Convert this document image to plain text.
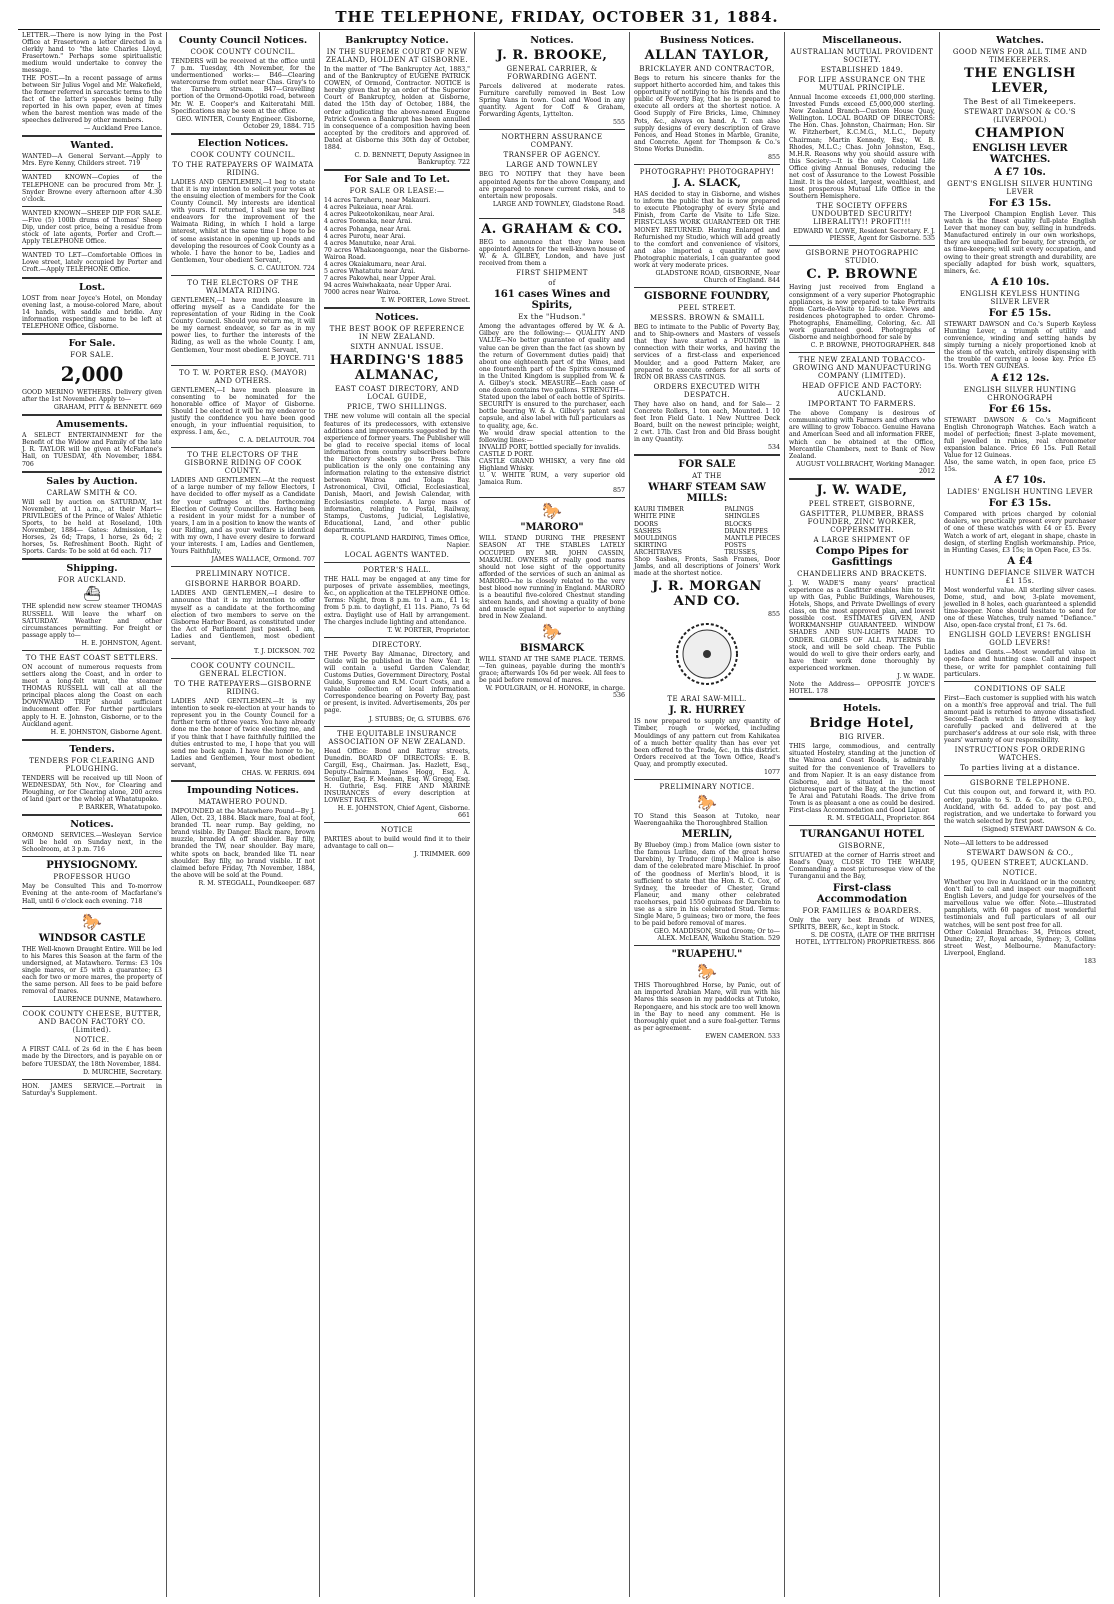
THE TELEPHONE, FRIDAY, OCTOBER 31, 1884.

LETTER.—There is now lying in the Post Office at Frasertown a letter directed in a clerkly hand to "the late Charles Lloyd, Frasertown." Perhaps some spiritualistic medium would undertake to convey the message.

THE POST.—In a recent passage of arms between Sir Julius Vogel and Mr. Wakefield, the former referred in sarcastic terms to the fact of the latter's speeches being fully reported in his own paper, even at times when the barest mention was made of the speeches delivered by other members.

— Auckland Free Lance.

Wanted.

WANTED—A General Servant.—Apply to Mrs. Eyre Kenny, Childers street. 719

WANTED KNOWN—Copies of the TELEPHONE can be procured from Mr. J. Snyder Browne every afternoon after 4.30 o'clock.

WANTED KNOWN—SHEEP DIP FOR SALE.—Five (5) 100lb drums of Thomas' Sheep Dip, under cost price, being a residue from stock of late agents, Porter and Croft.—Apply TELEPHONE Office.

WANTED TO LET—Comfortable Offices in Lowe street, lately occupied by Porter and Croft.—Apply TELEPHONE Office.

Lost.

LOST from near Joyce's Hotel, on Monday evening last, a mouse-colored Mare, about 14 hands, with saddle and bridle. Any information respecting same to be left at TELEPHONE Office, Gisborne.

For Sale.
FOR SALE.
2,000

GOOD MERINO WETHERS. Delivery given after the 1st November. Apply to—

GRAHAM, PITT & BENNETT. 669

Amusements.

A SELECT ENTERTAINMENT for the Benefit of the Widow and Family of the late J. R. TAYLOR will be given at McFarlane's Hall, on TUESDAY, 4th November, 1884. 706

Sales by Auction.
CARLAW SMITH & CO.

Will sell by auction on SATURDAY, 1st November, at 11 a.m., at their Mart— PRIVILEGES of the Prince of Wales' Athletic Sports, to be held at Roseland, 10th November, 1884— Gates: Admission, 1s; Horses, 2s 6d; Traps, 1 horse, 2s 6d; 2 horses, 5s. Refreshment Booth. Right of Sports. Cards: To be sold at 6d each. 717

Shipping.
FOR AUCKLAND.
⛴

THE splendid new screw steamer THOMAS RUSSELL Will leave the wharf on SATURDAY. Weather and other circumstances permitting. For freight or passage apply to—

H. E. JOHNSTON, Agent.

TO THE EAST COAST SETTLERS.

ON account of numerous requests from settlers along the Coast, and in order to meet a long-felt want, the steamer THOMAS RUSSELL will call at all the principal places along the Coast on each DOWNWARD TRIP, should sufficient inducement offer. For further particulars apply to H. E. Johnston, Gisborne, or to the Auckland agent.

H. E. JOHNSTON, Gisborne Agent.

Tenders.
TENDERS FOR CLEARING AND PLOUGHING.

TENDERS will be received up till Noon of WEDNESDAY, 5th Nov., for Clearing and Ploughing, or for Clearing alone, 200 acres of land (part or the whole) at Whatatupoko.

P. BARKER, Whatatupoko.

Notices.

ORMOND SERVICES.—Wesleyan Service will be held on Sunday next, in the Schoolroom, at 3 p.m. 716

PHYSIOGNOMY.
PROFESSOR HUGO

May be Consulted This and To-morrow Evening at the ante-room of Macfarlane's Hall, until 6 o'clock each evening. 718

🐎
WINDSOR CASTLE

THE Well-known Draught Entire. Will be led to his Mares this Season at the farm of the undersigned, at Matawhero. Terms: £3 10s single mares, or £5 with a guarantee; £3 each for two or more mares, the property of the same person. All fees to be paid before removal of mares.

LAURENCE DUNNE, Matawhero.

COOK COUNTY CHEESE, BUTTER, AND BACON FACTORY CO. (Limited).
NOTICE.

A FIRST CALL of 2s 6d in the £ has been made by the Directors, and is payable on or before TUESDAY, the 18th November, 1884.

D. MURCHIE, Secretary.

HON. JAMES SERVICE.—Portrait in Saturday's Supplement.

County Council Notices.
COOK COUNTY COUNCIL.

TENDERS will be received at the office until 7 p.m. Tuesday, 4th November, for the undermentioned works:— B46—Clearing watercourse from outlet near Chas. Gray's to the Taruheru stream. B47—Gravelling portion of the Ormond-Opotiki road, between Mr. W. E. Cooper's and Kaiteratahi Mill. Specifications may be seen at the office.

GEO. WINTER, County Engineer. Gisborne, October 29, 1884. 715

Election Notices.
COOK COUNTY COUNCIL.
TO THE RATEPAYERS OF WAIMATA RIDING.

LADIES AND GENTLEMEN,—I beg to state that it is my intention to solicit your votes at the ensuing election of members for the Cook County Council. My interests are identical with yours. If returned, I shall use my best endeavors for the improvement of the Waimata Riding, in which I hold a large interest, whilst at the same time I hope to be of some assistance in opening up roads and developing the resources of Cook County as a whole. I have the honor to be, Ladies and Gentlemen, Your obedient Servant,

S. C. CAULTON. 724

TO THE ELECTORS OF THE WAIMATA RIDING.

GENTLEMEN,—I have much pleasure in offering myself as a Candidate for the representation of your Riding in the Cook County Council. Should you return me, it will be my earnest endeavor, so far as in my power lies, to further the interests of the Riding, as well as the whole County. I am, Gentlemen, Your most obedient Servant,

E. P. JOYCE. 711

TO T. W. PORTER ESQ. (MAYOR) AND OTHERS.

GENTLEMEN,—I have much pleasure in consenting to be nominated for the honorable office of Mayor of Gisborne. Should I be elected it will be my endeavor to justify the confidence you have been good enough, in your influential requisition, to express. I am, &c.,

C. A. DELAUTOUR. 704

TO THE ELECTORS OF THE GISBORNE RIDING OF COOK COUNTY.

LADIES AND GENTLEMEN.—At the request of a large number of my fellow Electors, I have decided to offer myself as a Candidate for your suffrages at the forthcoming Election of County Councillors. Having been a resident in your midst for a number of years, I am in a position to know the wants of our Riding, and as your welfare is identical with my own, I have every desire to forward your interests. I am, Ladies and Gentlemen, Yours Faithfully,

JAMES WALLACE, Ormond. 707

PRELIMINARY NOTICE.
GISBORNE HARBOR BOARD.

LADIES AND GENTLEMEN,—I desire to announce that it is my intention to offer myself as a candidate at the forthcoming election of two members to serve on the Gisborne Harbor Board, as constituted under the Act of Parliament just passed. I am, Ladies and Gentlemen, most obedient servant,

T. J. DICKSON. 702

COOK COUNTY COUNCIL. GENERAL ELECTION.
TO THE RATEPAYERS—GISBORNE RIDING.

LADIES AND GENTLEMEN.—It is my intention to seek re-election at your hands to represent you in the County Council for a further term of three years. You have already done me the honor of twice electing me, and if you think that I have faithfully fulfilled the duties entrusted to me, I hope that you will send me back again. I have the honor to be, Ladies and Gentlemen, Your most obedient servant,

CHAS. W. FERRIS. 694

Impounding Notices.
MATAWHERO POUND.

IMPOUNDED at the Matawhero Pound—By J. Allen, Oct. 23, 1884. Black mare, foal at foot, branded TL near rump. Bay gelding, no brand visible. By Danger. Black mare, brown muzzle, branded A off shoulder. Bay filly, branded the TW, near shoulder. Bay mare, white spots on back, branded like TL near shoulder. Bay filly, no brand visible. If not claimed before Friday, 7th November, 1884, the above will be sold at the Pound.

R. M. STEGGALL, Poundkeeper. 687

Bankruptcy Notice.
IN THE SUPREME COURT OF NEW ZEALAND, HOLDEN AT GISBORNE.

In the matter of "The Bankruptcy Act, 1883," and of the Bankruptcy of EUGENE PATRICK COWEN, of Ormond, Contractor. NOTICE is hereby given that by an order of the Superior Court of Bankruptcy, holden at Gisborne, dated the 15th day of October, 1884, the order adjudicating the above-named Eugene Patrick Cowen a Bankrupt has been annulled in consequence of a composition having been accepted by the creditors and approved of. Dated at Gisborne this 30th day of October, 1884.

C. D. BENNETT, Deputy Assignee in Bankruptcy. 722

For Sale and To Let.
FOR SALE OR LEASE:—

14 acres Taruheru, near Makauri.

4 acres Pukeiaua, near Arai.

4 acres Pukeotokonikau, near Arai.

4 acres Toomaka, near Arai.

4 acres Pohanga, near Arai.

4 acres Purotu, near Arai.

4 acres Manutuke, near Arai.

70 acres Whakaongaonga, near the Gisborne-Wairoa Road.

4 acres Okaiakumaru, near Arai.

5 acres Whatatutu near Arai.

7 acres Pakowhai, near Upper Arai.

94 acres Waiwhakaata, near Upper Arai.

7000 acres near Wairoa.

T. W. PORTER, Lowe Street.

Notices.
THE BEST BOOK OF REFERENCE IN NEW ZEALAND.
SIXTH ANNUAL ISSUE.
HARDING'S 1885 ALMANAC,
EAST COAST DIRECTORY, AND LOCAL GUIDE,
PRICE, TWO SHILLINGS.

THE new volume will contain all the special features of its predecessors, with extensive additions and improvements suggested by the experience of former years. The Publisher will be glad to receive special items of local information from country subscribers before the Directory sheets go to Press. This publication is the only one containing any information relating to the extensive district between Wairoa and Tolaga Bay. Astronomical, Civil, Official, Ecclesiastical, Danish, Maori, and Jewish Calendar, with Ecclesiastics complete. A large mass of information, relating to Postal, Railway, Stamps, Customs, Judicial, Legislative, Educational, Land, and other public departments.

R. COUPLAND HARDING, Times Office, Napier.

LOCAL AGENTS WANTED.
PORTER'S HALL.

THE HALL may be engaged at any time for purposes of private assemblies, meetings, &c., on application at the TELEPHONE Office. Terms: Night, from 8 p.m. to 1 a.m., £1 1s; from 5 p.m. to daylight, £1 11s. Piano, 7s 6d extra. Daylight use of Hall by arrangement. The charges include lighting and attendance.

T. W. PORTER, Proprietor.

DIRECTORY.

THE Poverty Bay Almanac, Directory, and Guide will be published in the New Year. It will contain a useful Garden Calendar, Customs Duties, Government Directory, Postal Guide, Supreme and R.M. Court Costs, and a valuable collection of local information. Correspondence bearing on Poverty Bay, past or present, is invited. Advertisements, 20s per page.

J. STUBBS; Or, G. STUBBS. 676

THE EQUITABLE INSURANCE ASSOCIATION OF NEW ZEALAND.

Head Office: Bond and Rattray streets, Dunedin. BOARD OF DIRECTORS: E. B. Cargill, Esq., Chairman. Jas. Hazlett, Esq., Deputy-Chairman. James Hogg, Esq. A. Scoullar, Esq. F. Meenan, Esq. W. Gregg, Esq. H. Guthrie, Esq. FIRE AND MARINE INSURANCES of every description at LOWEST RATES.

H. E. JOHNSTON, Chief Agent, Gisborne. 661

NOTICE

PARTIES about to build would find it to their advantage to call on—

J. TRIMMER. 609

Notices.
J. R. BROOKE,
GENERAL CARRIER, & FORWARDING AGENT.

Parcels delivered at moderate rates. Furniture carefully removed in Best Low Spring Vans in town. Coal and Wood in any quantity. Agent for Coff & Graham, Forwarding Agents, Lyttelton.

555

NORTHERN ASSURANCE COMPANY.
TRANSFER OF AGENCY.
LARGE AND TOWNLEY

BEG TO NOTIFY that they have been appointed Agents for the above Company, and are prepared to renew current risks, and to entertain new proposals.

LARGE AND TOWNLEY, Gladstone Road. 548

A. GRAHAM & CO.

BEG to announce that they have been appointed Agents for the well-known house of W. & A. GILBEY, London, and have just received from them a

FIRST SHIPMENT
of
161 cases Wines and Spirits,
Ex the "Hudson."

Among the advantages offered by W. & A. Gilbey are the following:— QUALITY AND VALUE—No better guarantee of quality and value can be given than the fact (as shown by the return of Government duties paid) that about one eighteenth part of the Wines, and one fourteenth part of the Spirits consumed in the United Kingdom is supplied from W. & A. Gilbey's stock. MEASURE—Each case of one dozen contains two gallons. STRENGTH—Stated upon the label of each bottle of Spirits. SECURITY is ensured to the purchaser, each bottle bearing W. & A. Gilbey's patent seal capsule, and also label with full particulars as to quality, age, &c.

We would draw special attention to the following lines:—

INVALID PORT, bottled specially for invalids.

CASTLE D PORT.

CASTLE GRAND WHISKY, a very fine old Highland Whisky.

U. V. WHITE RUM, a very superior old Jamaica Rum.

857

🐎
"MARORO"

WILL STAND DURING THE PRESENT SEASON AT THE STABLES LATELY OCCUPIED BY MR. JOHN CASSIN, MAKAURI. OWNERS of really good mares should not lose sight of the opportunity afforded of the services of such an animal as MARORO—he is closely related to the very best blood now running in England. MARORO is a beautiful five-colored Chestnut standing sixteen hands, and showing a quality of bone and muscle equal if not superior to anything bred in New Zealand.

🐎
BISMARCK

WILL STAND AT THE SAME PLACE. TERMS.—Ten guineas, payable during the month's grace; afterwards 10s 6d per week. All fees to be paid before removal of mares.

W. FOULGRAIN, or H. HONORE, in charge. 536

Business Notices.
ALLAN TAYLOR,
BRICKLAYER AND CONTRACTOR,

Begs to return his sincere thanks for the support hitherto accorded him, and takes this opportunity of notifying to his friends and the public of Poverty Bay, that he is prepared to execute all orders at the shortest notice. A Good Supply of Fire Bricks, Lime, Chimney Pots, &c., always on hand. A. T. can also supply designs of every description of Grave Fences, and Head Stones in Marble, Granite, and Concrete. Agent for Thompson & Co.'s Stone Works Dunedin.

855

PHOTOGRAPHY! PHOTOGRAPHY!
J. A. SLACK,

HAS decided to stay in Gisborne, and wishes to inform the public that he is now prepared to execute Photography of every Style and Finish, from Carte de Visite to Life Size. FIRST-CLASS WORK GUARANTEED OR THE MONEY RETURNED. Having Enlarged and Refurnished my Studio, which will add greatly to the comfort and convenience of visitors, and also imported a quantity of new Photographic materials, I can guarantee good work at very moderate prices.

GLADSTONE ROAD, GISBORNE, Near Church of England. 844

GISBORNE FOUNDRY,
PEEL STREET.
MESSRS. BROWN & SMAILL

BEG to intimate to the Public of Poverty Bay, and to Ship-owners and Masters of vessels that they have started a FOUNDRY in connection with their works, and having the services of a first-class and experienced Moulder, and a good Pattern Maker, are prepared to execute orders for all sorts of IRON OR BRASS CASTINGS.

ORDERS EXECUTED WITH DESPATCH.

They have also on hand, and for Sale— 2 Concrete Rollers, 1 ton each, Mounted. 1 10 feet Iron Field Gate. 1 New Nuttree Deck Board, built on the newest principle; weight, 2 cwt. 17lb. Cast Iron and Old Brass bought in any Quantity.

534

FOR SALE
AT THE
WHARF STEAM SAW MILLS:

KAURI TIMBER

WHITE PINE

DOORS

SASHES

MOULDINGS

SKIRTING

ARCHITRAVES

PALINGS

SHINGLES

BLOCKS

DRAIN PIPES

MANTLE PIECES

POSTS

TRUSSES,

Shop Sashes, Fronts, Sash Frames, Door Jambs, and all descriptions of Joiners' Work made at the shortest notice.

J. R. MORGAN AND CO.

855

TE ARAI SAW-MILL.
J. R. HURREY

IS now prepared to supply any quantity of Timber, rough or worked, including Mouldings of any pattern cut from Kahikatea of a much better quality than has ever yet been offered to the Trade, &c., in this district. Orders received at the Town Office, Read's Quay, and promptly executed.

1077

PRELIMINARY NOTICE.
🐎

TO Stand this Season at Tutoko, near Waerengaahika the Thoroughbred Stallion

MERLIN,

By Blueboy (imp.) from Malice (own sister to the famous Lurline, dam of the great horse Darebin), by Traducer (imp.) Malice is also dam of the celebrated mare Mischief. In proof of the goodness of Merlin's blood, it is sufficient to state that the Hon. R. C. Cox, of Sydney, the breeder of Chester, Grand Flaneur, and many other celebrated racehorses, paid 1550 guineas for Darebin to use as a sire in his celebrated Stud. Terms: Single Mare, 5 guineas; two or more, the fees to be paid before removal of mares.

GEO. MADDISON, Stud Groom; Or to— ALEX. McLEAN, Waikohu Station. 529

"RUAPEHU."
🐎

THIS Thoroughbred Horse, by Panic, out of an imported Arabian Mare, will run with his Mares this season in my paddocks at Tutoko, Repongaere, and his stock are too well known in the Bay to need any comment. He is thoroughly quiet and a sure foal-getter. Terms as per agreement.

EWEN CAMERON. 533

Miscellaneous.
AUSTRALIAN MUTUAL PROVIDENT SOCIETY.
ESTABLISHED 1849.
FOR LIFE ASSURANCE ON THE MUTUAL PRINCIPLE.

Annual Income exceeds £1,000,000 sterling. Invested Funds exceed £5,000,000 sterling. New Zealand Branch—Custom House Quay, Wellington. LOCAL BOARD OF DIRECTORS: The Hon. Chas. Johnston, Chairman; Hon. Sir W. Fitzherbert, K.C.M.G., M.L.C., Deputy Chairman; Martin Kennedy, Esq.; W. B. Rhodes, M.L.C.; Chas. John Johnston, Esq., M.H.R. Reasons why you should assure with this Society:—It is the only Colonial Life Office giving Annual Bonuses, reducing the net cost of Assurance to the Lowest Possible Limit. It is the oldest, largest, wealthiest, and most prosperous Mutual Life Office in the Southern Hemisphere.

THE SOCIETY OFFERS UNDOUBTED SECURITY! LIBERALITY!! PROFIT!!!

EDWARD W. LOWE, Resident Secretary. F. J. PIESSE, Agent for Gisborne. 535

GISBORNE PHOTOGRAPHIC STUDIO.
C. P. BROWNE

Having just received from England a consignment of a very superior Photographic appliances, is now prepared to take Portraits from Carte-de-Visite to Life-size. Views and residences photographed to order. Chromo-Photographs, Enamelling, Coloring, &c. All work guaranteed good. Photographs of Gisborne and neighborhood for sale by

C. P. BROWNE, PHOTOGRAPHER. 848

THE NEW ZEALAND TOBACCO-GROWING AND MANUFACTURING COMPANY (LIMITED).
HEAD OFFICE AND FACTORY: AUCKLAND.
IMPORTANT TO FARMERS.

The above Company is desirous of communicating with Farmers and others who are willing to grow Tobacco. Genuine Havana and American Seed and all information FREE, which can be obtained at the Office, Mercantile Chambers, next to Bank of New Zealand.

AUGUST VOLLBRACHT, Working Manager. 2012

J. W. WADE,
PEEL STREET, GISBORNE,
GASFITTER, PLUMBER, BRASS FOUNDER, ZINC WORKER, COPPERSMITH.
A LARGE SHIPMENT OF
Compo Pipes for Gasfittings
CHANDELIERS AND BRACKETS.

J. W. WADE'S many years' practical experience as a Gasfitter enables him to Fit up with Gas, Public Buildings, Warehouses, Hotels, Shops, and Private Dwellings of every class, on the most approved plan, and lowest possible cost. ESTIMATES GIVEN, AND WORKMANSHIP GUARANTEED. WINDOW SHADES AND SUN-LIGHTS MADE TO ORDER. GLOBES OF ALL PATTERNS tin stock, and will be sold cheap. The Public would do well to give their orders early, and have their work done thoroughly by experienced workmen.

J. W. WADE.

Note the Address— OPPOSITE JOYCE'S HOTEL. 178

Hotels.
Bridge Hotel,
BIG RIVER.

THIS large, commodious, and centrally situated Hostelry, standing at the junction of the Wairoa and Coast Roads, is admirably suited for the convenience of Travellers to and from Napier. It is an easy distance from Gisborne, and is situated in the most picturesque part of the Bay, at the junction of Te Arai and Patutahi Roads. The drive from Town is as pleasant a one as could be desired. First-class Accommodation and Good Liquor.

R. M. STEGGALL, Proprietor. 864

TURANGANUI HOTEL
GISBORNE,

SITUATED at the corner of Harris street and Read's Quay, CLOSE TO THE WHARF, Commanding a most picturesque view of the Turanganui and the Bay,

First-class Accommodation
FOR FAMILIES & BOARDERS.

Only the very best Brands of WINES, SPIRITS, BEER, &c., kept in Stock.

S. DE COSTA, (LATE OF THE BRITISH HOTEL, LYTTELTON) PROPRIETRESS. 866

Watches.
GOOD NEWS FOR ALL TIME AND TIMEKEEPERS.
THE ENGLISH LEVER,
The Best of all Timekeepers.
STEWART DAWSON & CO.'S (LIVERPOOL)
CHAMPION
ENGLISH LEVER WATCHES.
A £7 10s.
GENT'S ENGLISH SILVER HUNTING LEVER
For £3 15s.

The Liverpool Champion English Lever. This watch is the finest quality full-plate English Lever that money can buy, selling in hundreds. Manufactured entirely in our own workshops, they are unequalled for beauty, for strength, or as time-keepers; will suit every occupation, and owing to their great strength and durability, are specially adapted for bush work, squatters, miners, &c.

A £10 10s.
ENGLISH KEYLESS HUNTING SILVER LEVER
For £5 15s.

STEWART DAWSON and Co.'s Superb Keyless Hunting Lever, a triumph of utility and convenience, winding and setting hands by simply turning a nicely proportioned knob at the stem of the watch, entirely dispensing with the trouble of carrying a loose key. Price £5 15s. Worth TEN GUINEAS.

A £12 12s.
ENGLISH SILVER HUNTING CHRONOGRAPH
For £6 15s.

STEWART DAWSON & Co.'s Magnificent English Chronograph Watches. Each watch a model of perfection; finest 3-plate movement, full jewelled in rubies, real chronometer expansion balance. Price £6 15s. Full Retail Value for 12 Guineas.

Also, the same watch, in open face, price £5 15s.

A £7 10s.
LADIES' ENGLISH HUNTING LEVER
For £3 15s.

Compared with prices charged by colonial dealers, we practically present every purchaser of one of these watches with £4 or £5. Every Watch a work of art, elegant in shape, chaste in design, of sterling English workmanship. Price, in Hunting Cases, £3 15s; in Open Face, £3 5s.

A £4
HUNTING DEFIANCE SILVER WATCH £1 15s.

Most wonderful value. All sterling silver cases. Dome, stud, and bow, 3-plate movement, jewelled in 8 holes, each guaranteed a splendid time-keeper. None should hesitate to send for one of these Watches, truly named "Defiance." Also, open-face crystal front, £1 7s. 6d.

ENGLISH GOLD LEVERS! ENGLISH GOLD LEVERS!

Ladies and Gents.—Most wonderful value in open-face and hunting case. Call and inspect these, or write for pamphlet containing full particulars.

CONDITIONS OF SALE

First—Each customer is supplied with his watch on a month's free approval and trial. The full amount paid is returned to anyone dissatisfied. Second—Each watch is fitted with a key carefully packed and delivered at the purchaser's address at our sole risk, with three years' warranty of our responsibility.

INSTRUCTIONS FOR ORDERING WATCHES.
To parties living at a distance.
GISBORNE TELEPHONE.

Cut this coupon out, and forward it, with P.O. order, payable to S. D. & Co., at the G.P.O., Auckland, with 6d. added to pay post and registration, and we undertake to forward you the watch selected by first post.

(Signed) STEWART DAWSON & Co.

Note—All letters to be addressed

STEWART DAWSON & CO.,
195, QUEEN STREET, AUCKLAND.
NOTICE.

Whether you live in Auckland or in the country, don't fail to call and inspect our magnificent English Levers, and judge for yourselves of the marvellous value we offer. Note.—Illustrated pamphlets, with 60 pages of most wonderful testimonials and full particulars of all our watches, will be sent post free for all.

Other Colonial Branches: 34, Princes street, Dunedin; 27, Royal arcade, Sydney; 3, Collins street West, Melbourne. Manufactory: Liverpool, England.

183
